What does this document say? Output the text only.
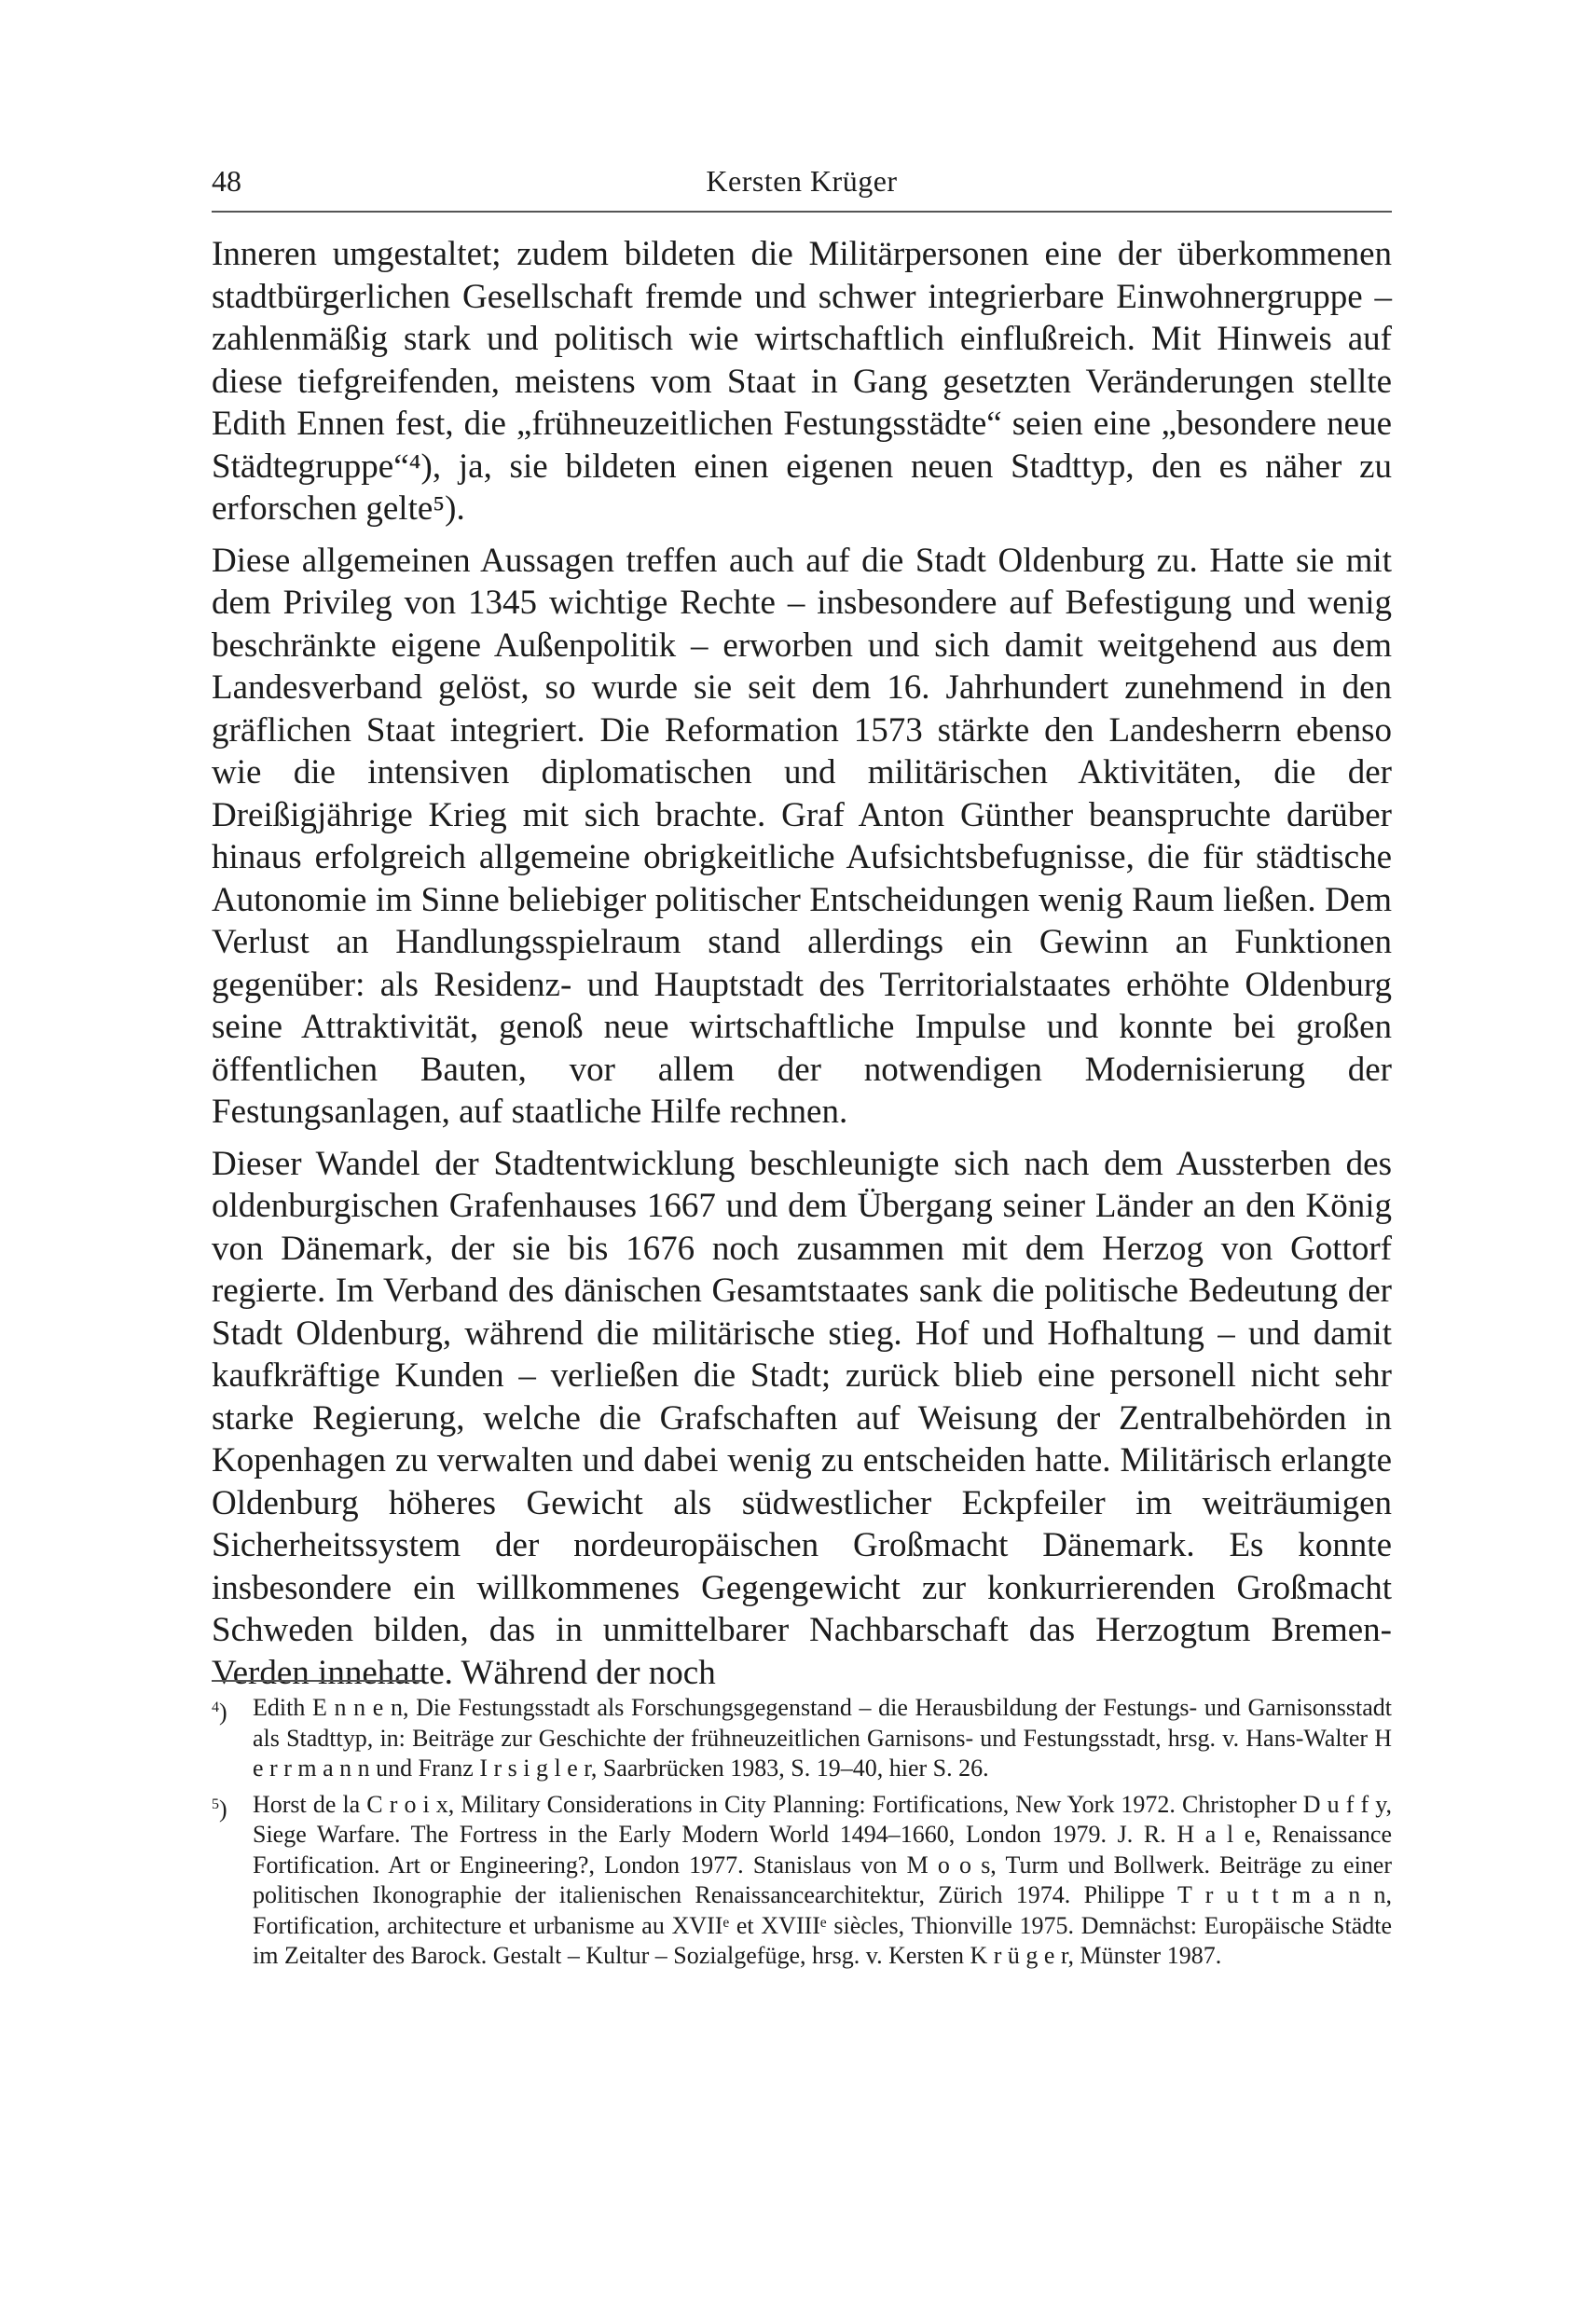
48	Kersten Krüger

Inneren umgestaltet; zudem bildeten die Militärpersonen eine der überkommenen stadtbürgerlichen Gesellschaft fremde und schwer integrierbare Einwohnergruppe – zahlenmäßig stark und politisch wie wirtschaftlich einflußreich. Mit Hinweis auf diese tiefgreifenden, meistens vom Staat in Gang gesetzten Veränderungen stellte Edith Ennen fest, die „frühneuzeitlichen Festungsstädte“ seien eine „besondere neue Städtegruppe“⁴), ja, sie bildeten einen eigenen neuen Stadttyp, den es näher zu erforschen gelte⁵).

Diese allgemeinen Aussagen treffen auch auf die Stadt Oldenburg zu. Hatte sie mit dem Privileg von 1345 wichtige Rechte – insbesondere auf Befestigung und wenig beschränkte eigene Außenpolitik – erworben und sich damit weitgehend aus dem Landesverband gelöst, so wurde sie seit dem 16. Jahrhundert zunehmend in den gräflichen Staat integriert. Die Reformation 1573 stärkte den Landesherrn ebenso wie die intensiven diplomatischen und militärischen Aktivitäten, die der Dreißigjährige Krieg mit sich brachte. Graf Anton Günther beanspruchte darüber hinaus erfolgreich allgemeine obrigkeitliche Aufsichtsbefugnisse, die für städtische Autonomie im Sinne beliebiger politischer Entscheidungen wenig Raum ließen. Dem Verlust an Handlungsspielraum stand allerdings ein Gewinn an Funktionen gegenüber: als Residenz- und Hauptstadt des Territorialstaates erhöhte Oldenburg seine Attraktivität, genoß neue wirtschaftliche Impulse und konnte bei großen öffentlichen Bauten, vor allem der notwendigen Modernisierung der Festungsanlagen, auf staatliche Hilfe rechnen.

Dieser Wandel der Stadtentwicklung beschleunigte sich nach dem Aussterben des oldenburgischen Grafenhauses 1667 und dem Übergang seiner Länder an den König von Dänemark, der sie bis 1676 noch zusammen mit dem Herzog von Gottorf regierte. Im Verband des dänischen Gesamtstaates sank die politische Bedeutung der Stadt Oldenburg, während die militärische stieg. Hof und Hofhaltung – und damit kaufkräftige Kunden – verließen die Stadt; zurück blieb eine personell nicht sehr starke Regierung, welche die Grafschaften auf Weisung der Zentralbehörden in Kopenhagen zu verwalten und dabei wenig zu entscheiden hatte. Militärisch erlangte Oldenburg höheres Gewicht als südwestlicher Eckpfeiler im weiträumigen Sicherheitssystem der nordeuropäischen Großmacht Dänemark. Es konnte insbesondere ein willkommenes Gegengewicht zur konkurrierenden Großmacht Schweden bilden, das in unmittelbarer Nachbarschaft das Herzogtum Bremen-Verden innehatte. Während der noch

$^4$) Edith E n n e n, Die Festungsstadt als Forschungsgegenstand – die Herausbildung der Festungs- und Garnisonsstadt als Stadttyp, in: Beiträge zur Geschichte der frühneuzeitlichen Garnisons- und Festungsstadt, hrsg. v. Hans-Walter H e r r m a n n und Franz I r s i g l e r, Saarbrücken 1983, S. 19–40, hier S. 26.
$^5$) Horst de la C r o i x, Military Considerations in City Planning: Fortifications, New York 1972. Christopher D u f f y, Siege Warfare. The Fortress in the Early Modern World 1494–1660, London 1979. J. R. H a l e, Renaissance Fortification. Art or Engineering?, London 1977. Stanislaus von M o o s, Turm und Bollwerk. Beiträge zu einer politischen Ikonographie der italienischen Renaissancearchitektur, Zürich 1974. Philippe T r u t t m a n n, Fortification, architecture et urbanisme au XVIIᵉ et XVIIIᵉ siècles, Thionville 1975. Demnächst: Europäische Städte im Zeitalter des Barock. Gestalt – Kultur – Sozialgefüge, hrsg. v. Kersten K r ü g e r, Münster 1987.
